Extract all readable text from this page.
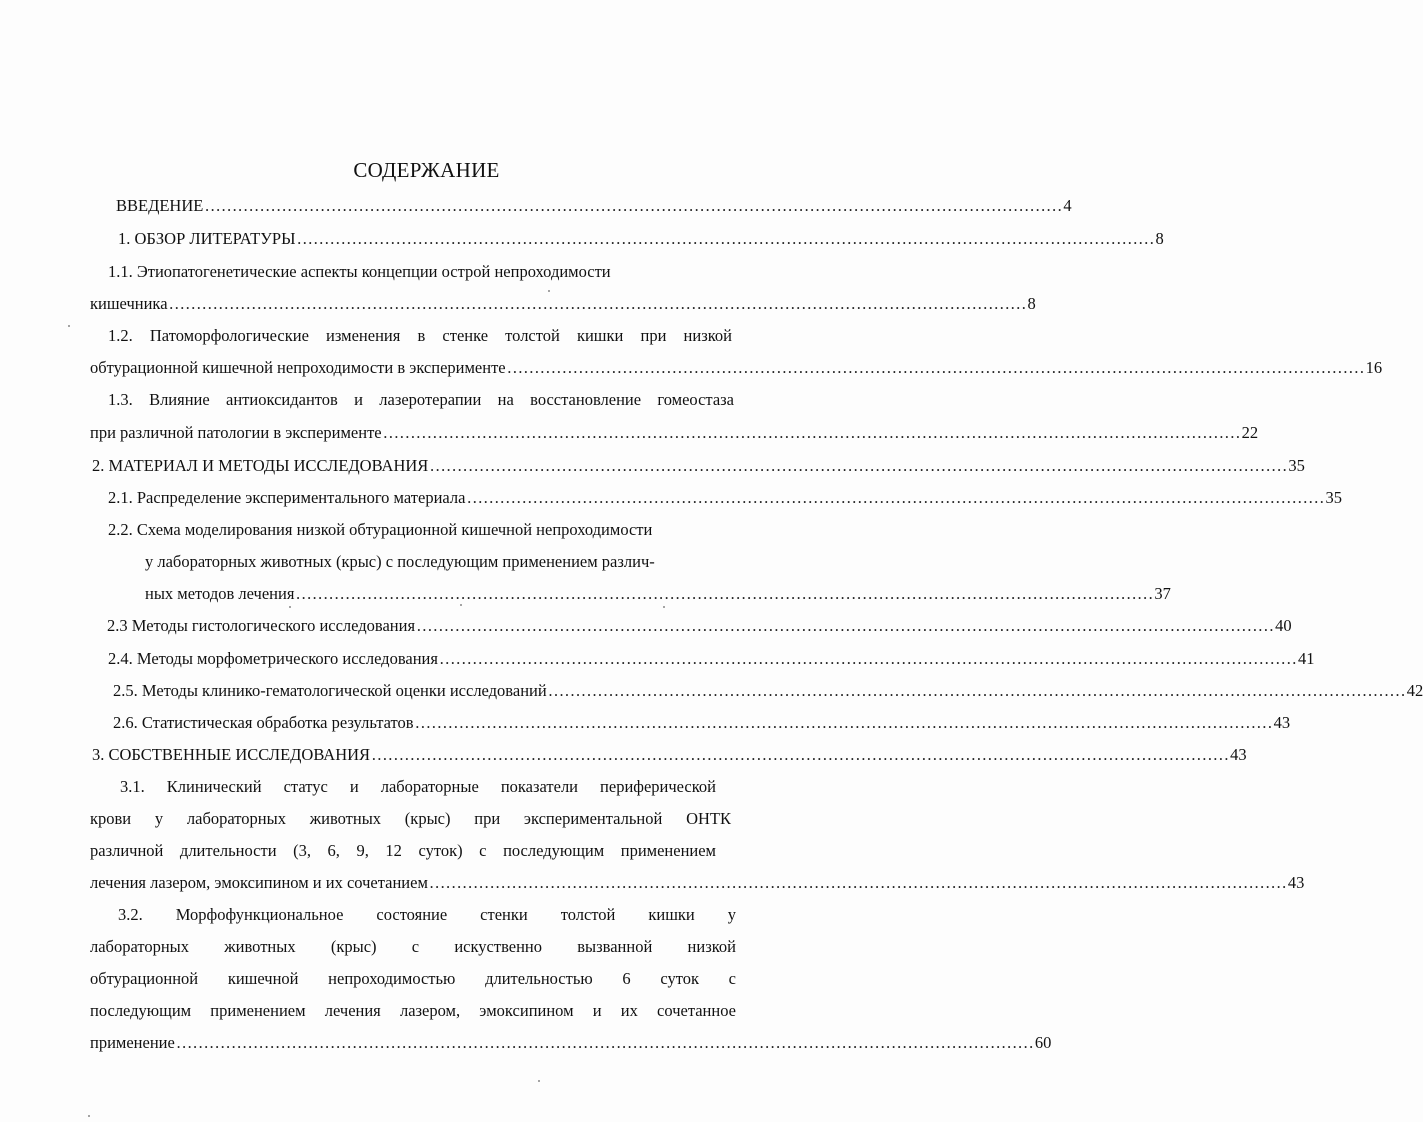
СОДЕРЖАНИЕ
ВВЕДЕНИЕ ………………………………………………………………………………………………………………………………………… 4
1. ОБЗОР ЛИТЕРАТУРЫ ………………………………………………………………………………………………………………………………………… 8
1.1. Этиопатогенетические аспекты концепции острой непроходимости
кишечника ………………………………………………………………………………………………………………………………………… 8
1.2. Патоморфологические изменения в стенке толстой кишки при низкой
обтурационной кишечной непроходимости в эксперименте ………………………………………………………………………………………………………………………………………… 16
1.3. Влияние антиоксидантов и лазеротерапии на восстановление гомеостаза
при различной патологии в эксперименте ………………………………………………………………………………………………………………………………………… 22
2. МАТЕРИАЛ И МЕТОДЫ ИССЛЕДОВАНИЯ ………………………………………………………………………………………………………………………………………… 35
2.1. Распределение экспериментального материала ………………………………………………………………………………………………………………………………………… 35
2.2. Схема моделирования низкой обтурационной кишечной непроходимости
у лабораторных животных (крыс) с последующим применением различ-
ных методов лечения ………………………………………………………………………………………………………………………………………… 37
2.3 Методы гистологического исследования ………………………………………………………………………………………………………………………………………… 40
2.4. Методы морфометрического исследования ………………………………………………………………………………………………………………………………………… 41
2.5. Методы клинико-гематологической оценки исследований ………………………………………………………………………………………………………………………………………… 42
2.6. Статистическая обработка результатов ………………………………………………………………………………………………………………………………………… 43
3. СОБСТВЕННЫЕ ИССЛЕДОВАНИЯ ………………………………………………………………………………………………………………………………………… 43
3.1. Клинический статус и лабораторные показатели периферической
крови у лабораторных животных (крыс) при экспериментальной ОНТК
различной длительности (3, 6, 9, 12 суток) с последующим применением
лечения лазером, эмоксипином и их сочетанием ………………………………………………………………………………………………………………………………………… 43
3.2. Морфофункциональное состояние стенки толстой кишки у
лабораторных животных (крыс) с искуственно вызванной низкой
обтурационной кишечной непроходимостью длительностью 6 суток с
последующим применением лечения лазером, эмоксипином и их сочетанное
применение ………………………………………………………………………………………………………………………………………… 60
